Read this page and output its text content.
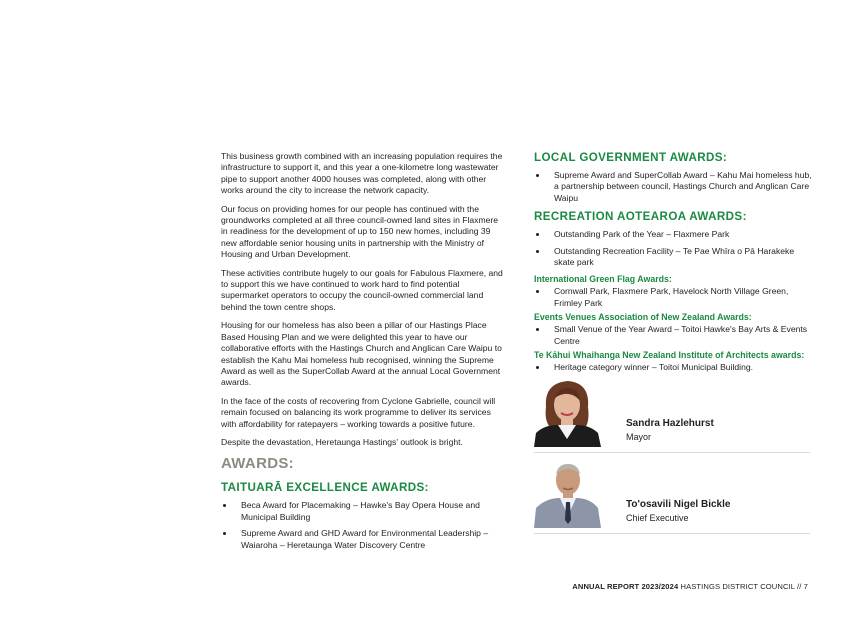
This business growth combined with an increasing population requires the infrastructure to support it, and this year a one-kilometre long wastewater pipe to support another 4000 houses was completed, along with other works around the city to increase the network capacity.

Our focus on providing homes for our people has continued with the groundworks completed at all three council-owned land sites in Flaxmere in readiness for the development of up to 150 new homes, including 39 new affordable senior housing units in partnership with the Ministry of Housing and Urban Development.

These activities contribute hugely to our goals for Fabulous Flaxmere, and to support this we have continued to work hard to find potential supermarket operators to occupy the council-owned commercial land behind the town centre shops.

Housing for our homeless has also been a pillar of our Hastings Place Based Housing Plan and we were delighted this year to have our collaborative efforts with the Hastings Church and Anglican Care Waipu to establish the Kahu Mai homeless hub recognised, winning the Supreme Award as well as the SuperCollab Award at the annual Local Government awards.

In the face of the costs of recovering from Cyclone Gabrielle, council will remain focused on balancing its work programme to deliver its services with affordability for ratepayers – working towards a positive future.

Despite the devastation, Heretaunga Hastings' outlook is bright.

AWARDS:
TAITUARĀ EXCELLENCE AWARDS:
Beca Award for Placemaking – Hawke's Bay Opera House and Municipal Building
Supreme Award and GHD Award for Environmental Leadership – Waiaroha – Heretaunga Water Discovery Centre
LOCAL GOVERNMENT AWARDS:
Supreme Award and SuperCollab Award – Kahu Mai homeless hub, a partnership between council, Hastings Church and Anglican Care Waipu
RECREATION AOTEAROA AWARDS:
Outstanding Park of the Year – Flaxmere Park
Outstanding Recreation Facility – Te Pae Whīra o Pā Harakeke skate park
International Green Flag Awards:
Cornwall Park, Flaxmere Park, Havelock North Village Green, Frimley Park
Events Venues Association of New Zealand Awards:
Small Venue of the Year Award – Toitoi Hawke's Bay Arts & Events Centre
Te Kāhui Whaihanga New Zealand Institute of Architects awards:
Heritage category winner – Toitoi Municipal Building.
Sandra Hazlehurst
Mayor
To'osavili Nigel Bickle
Chief Executive
ANNUAL REPORT 2023/2024 HASTINGS DISTRICT COUNCIL // 7
